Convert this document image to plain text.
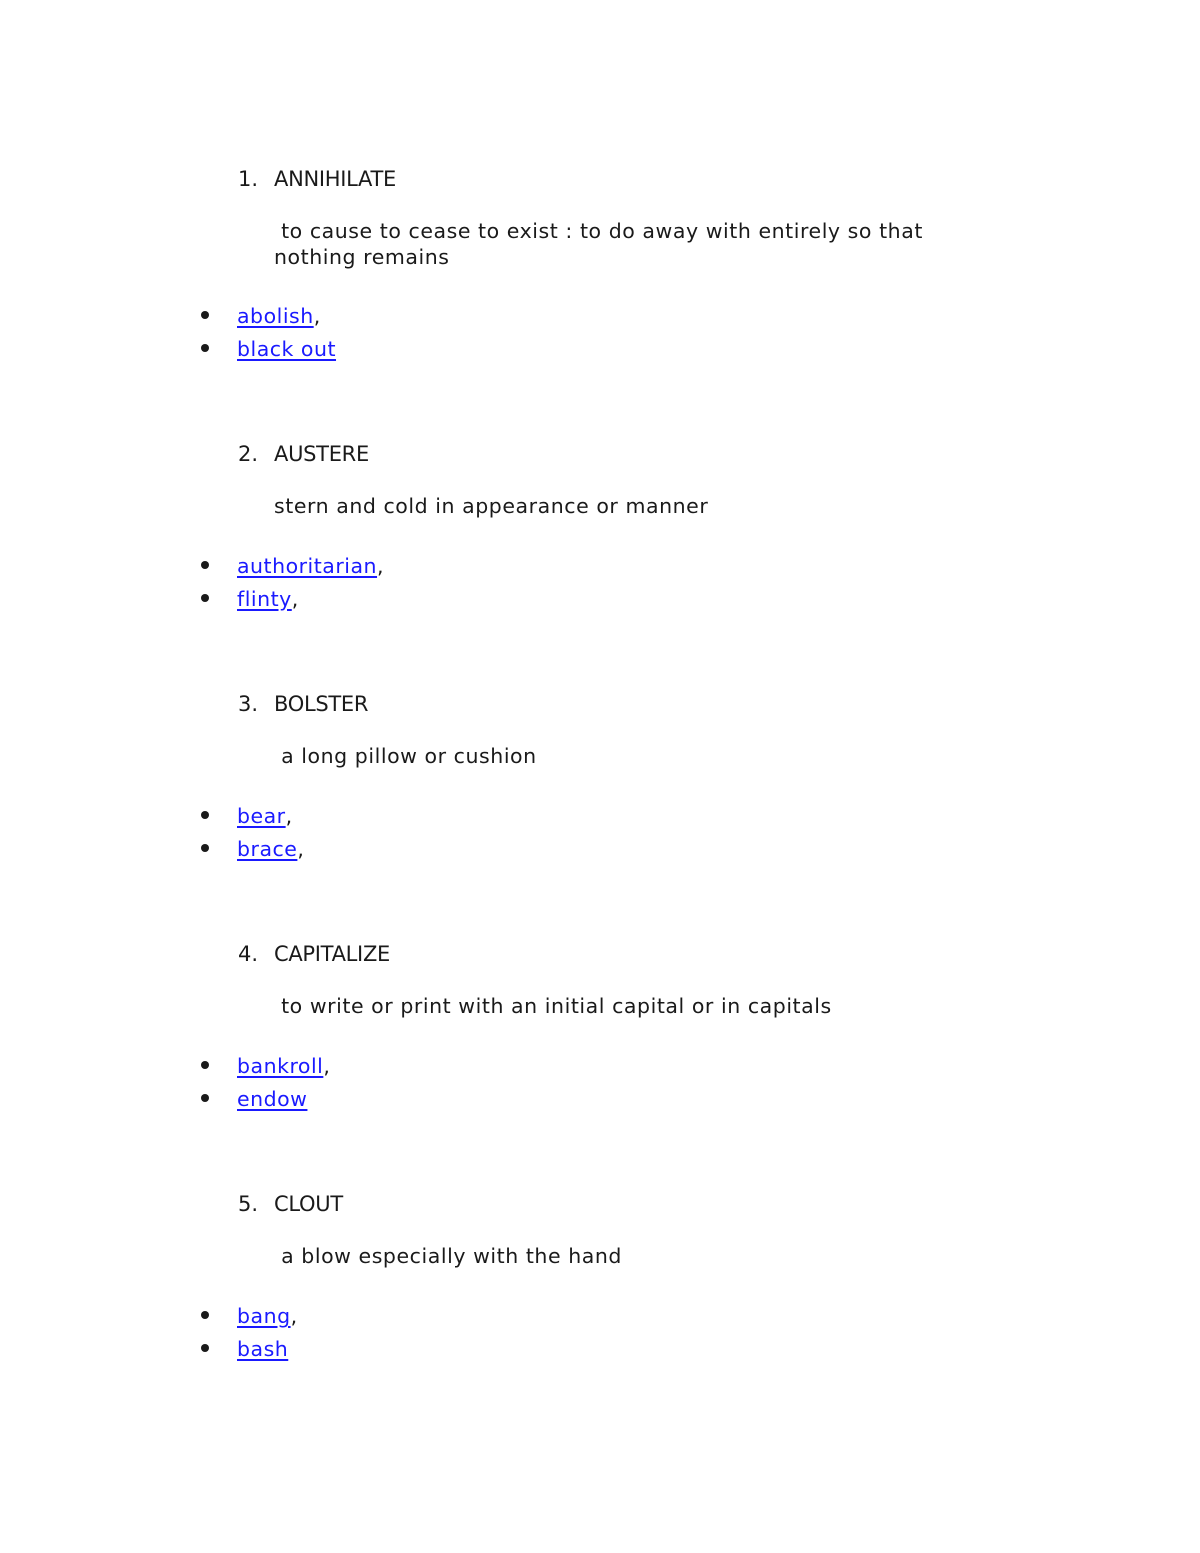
1. ANNIHILATE
to cause to cease to exist : to do away with entirely so that nothing remains
abolish,
black out
2. AUSTERE
stern and cold in appearance or manner
authoritarian,
flinty,
3. BOLSTER
a long pillow or cushion
bear,
brace,
4. CAPITALIZE
to write or print with an initial capital or in capitals
bankroll,
endow
5. CLOUT
a blow especially with the hand
bang,
bash
